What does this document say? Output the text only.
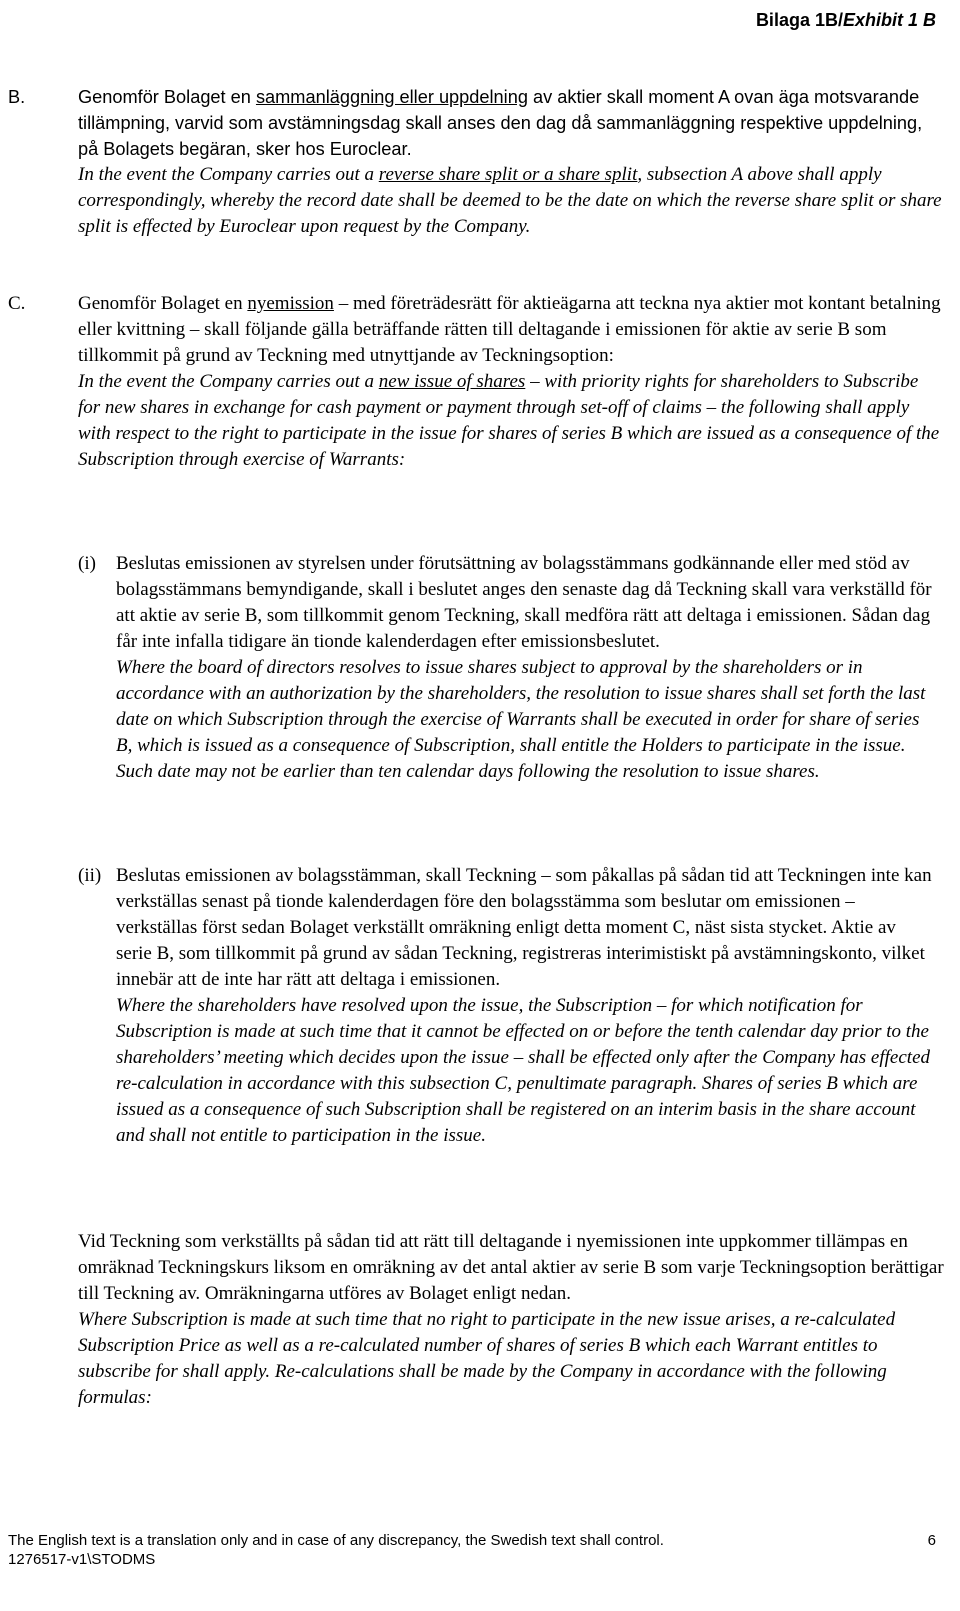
Bilaga 1B/Exhibit 1 B
B.	Genomför Bolaget en sammanläggning eller uppdelning av aktier skall moment A ovan äga motsvarande tillämpning, varvid som avstämningsdag skall anses den dag då sammanläggning respektive uppdelning, på Bolagets begäran, sker hos Euroclear.

In the event the Company carries out a reverse share split or a share split, subsection A above shall apply correspondingly, whereby the record date shall be deemed to be the date on which the reverse share split or share split is effected by Euroclear upon request by the Company.

C.	Genomför Bolaget en nyemission – med företrädesrätt för aktieägarna att teckna nya aktier mot kontant betalning eller kvittning – skall följande gälla beträffande rätten till deltagande i emissionen för aktie av serie B som tillkommit på grund av Teckning med utnyttjande av Teckningsoption:

In the event the Company carries out a new issue of shares – with priority rights for shareholders to Subscribe for new shares in exchange for cash payment or payment through set-off of claims – the following shall apply with respect to the right to participate in the issue for shares of series B which are issued as a consequence of the Subscription through exercise of Warrants:

(i) Beslutas emissionen av styrelsen under förutsättning av bolagsstämmans godkännande eller med stöd av bolagsstämmans bemyndigande, skall i beslutet anges den senaste dag då Teckning skall vara verkställd för att aktie av serie B, som tillkommit genom Teckning, skall medföra rätt att deltaga i emissionen. Sådan dag får inte infalla tidigare än tionde kalenderdagen efter emissionsbeslutet.

Where the board of directors resolves to issue shares subject to approval by the shareholders or in accordance with an authorization by the shareholders, the resolution to issue shares shall set forth the last date on which Subscription through the exercise of Warrants shall be executed in order for share of series B, which is issued as a consequence of Subscription, shall entitle the Holders to participate in the issue. Such date may not be earlier than ten calendar days following the resolution to issue shares.

(ii) Beslutas emissionen av bolagsstämman, skall Teckning – som påkallas på sådan tid att Teckningen inte kan verkställas senast på tionde kalenderdagen före den bolagsstämma som beslutar om emissionen – verkställas först sedan Bolaget verkställt omräkning enligt detta moment C, näst sista stycket. Aktie av serie B, som tillkommit på grund av sådan Teckning, registreras interimistiskt på avstämningskonto, vilket innebär att de inte har rätt att deltaga i emissionen.

Where the shareholders have resolved upon the issue, the Subscription – for which notification for Subscription is made at such time that it cannot be effected on or before the tenth calendar day prior to the shareholders’ meeting which decides upon the issue – shall be effected only after the Company has effected re-calculation in accordance with this subsection C, penultimate paragraph. Shares of series B which are issued as a consequence of such Subscription shall be registered on an interim basis in the share account and shall not entitle to participation in the issue.

Vid Teckning som verkställts på sådan tid att rätt till deltagande i nyemissionen inte uppkommer tillämpas en omräknad Teckningskurs liksom en omräkning av det antal aktier av serie B som varje Teckningsoption berättigar till Teckning av. Omräkningarna utföres av Bolaget enligt nedan.

Where Subscription is made at such time that no right to participate in the new issue arises, a re-calculated Subscription Price as well as a re-calculated number of shares of series B which each Warrant entitles to subscribe for shall apply. Re-calculations shall be made by the Company in accordance with the following formulas:

The English text is a translation only and in case of any discrepancy, the Swedish text shall control.	6
1276517-v1\STODMS
